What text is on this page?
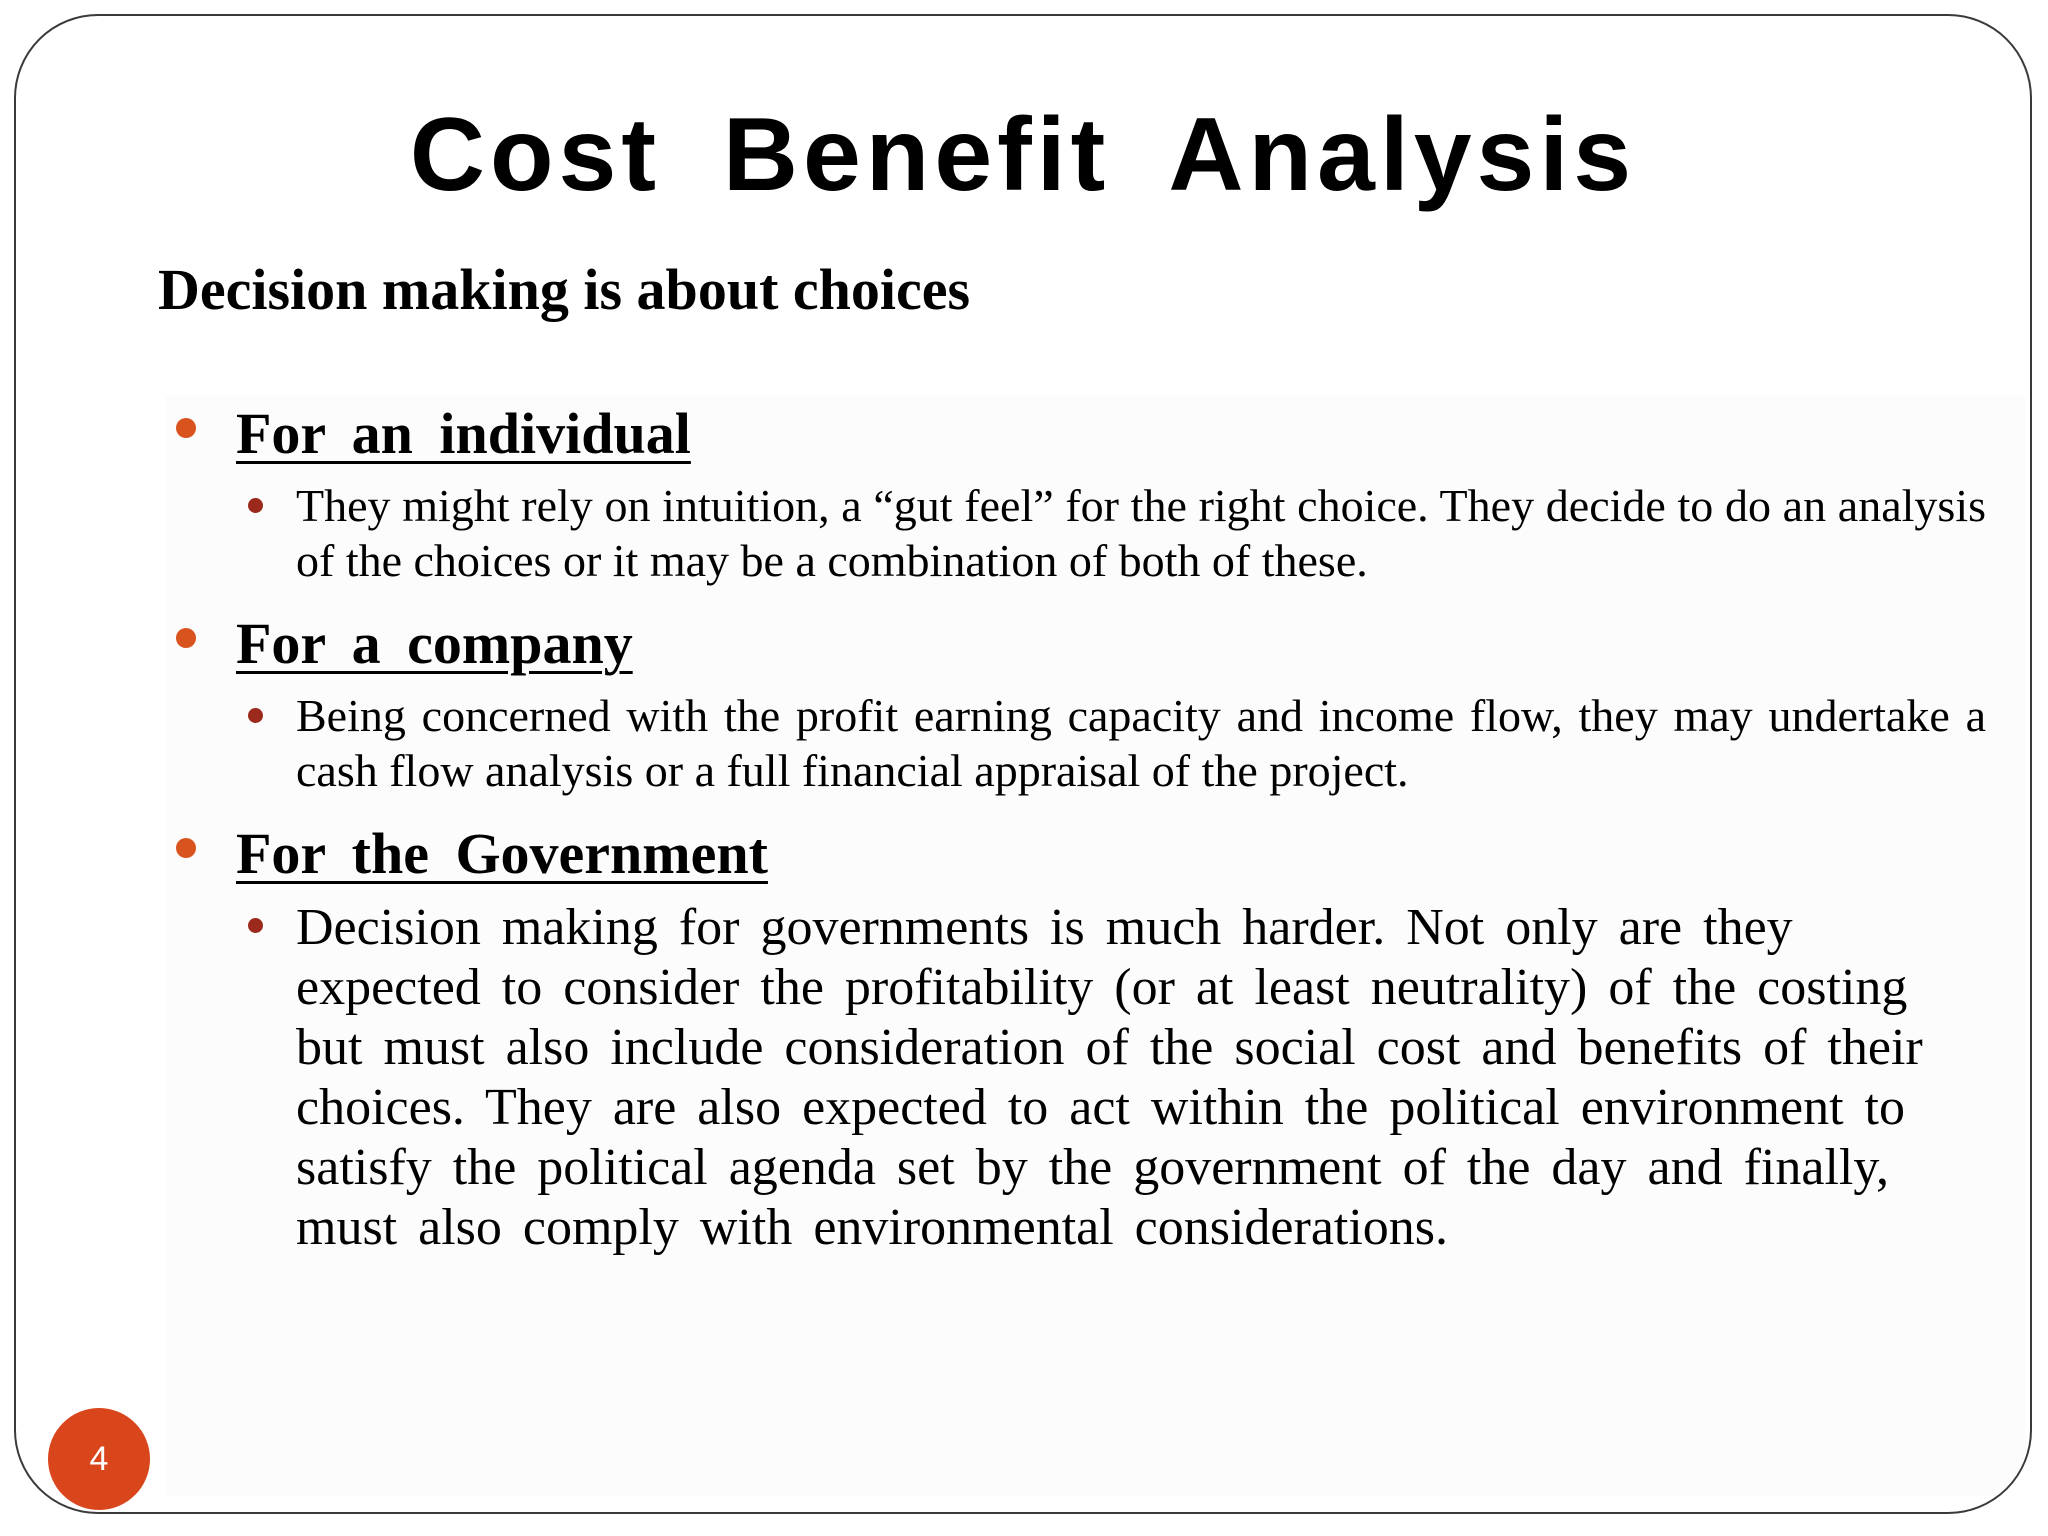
Cost Benefit Analysis
Decision making is about choices
For an individual
They might rely on intuition, a “gut feel” for the right choice. They decide to do an analysis of the choices or it may be a combination of both of these.
For a company
Being concerned with the profit earning capacity and income flow, they may undertake a cash flow analysis or a full financial appraisal of the project.
For the Government
Decision making for governments is much harder. Not only are they expected to consider the profitability (or at least neutrality) of the costing but must also include consideration of the social cost and benefits of their choices. They are also expected to act within the political environment to satisfy the political agenda set by the government of the day and finally, must also comply with environmental considerations.
4
